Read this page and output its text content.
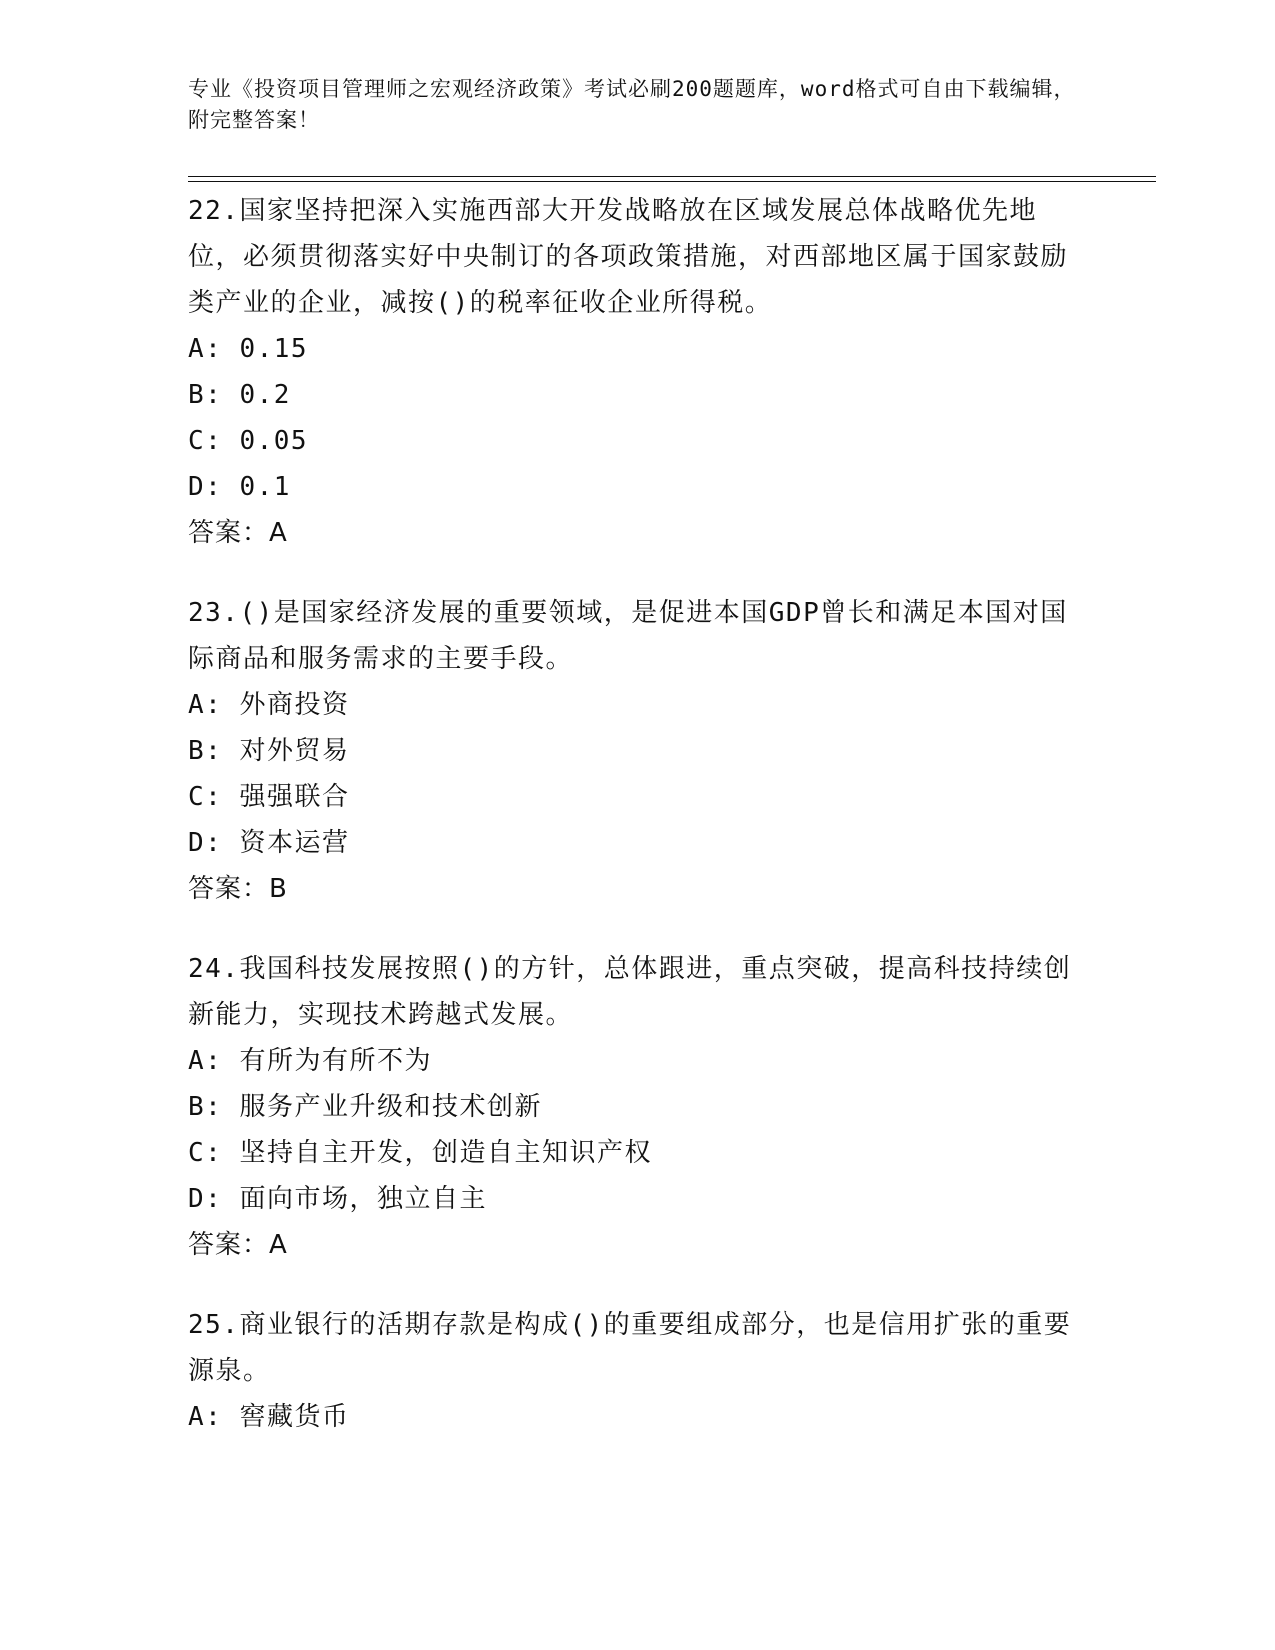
专业《投资项目管理师之宏观经济政策》考试必刷200题题库，word格式可自由下载编辑，附完整答案！

22.国家坚持把深入实施西部大开发战略放在区域发展总体战略优先地位，必须贯彻落实好中央制订的各项政策措施，对西部地区属于国家鼓励类产业的企业，减按()的税率征收企业所得税。

A: 0.15

B: 0.2

C: 0.05

D: 0.1

答案：A

23.()是国家经济发展的重要领域，是促进本国GDP曾长和满足本国对国际商品和服务需求的主要手段。

A: 外商投资

B: 对外贸易

C: 强强联合

D: 资本运营

答案：B

24.我国科技发展按照()的方针，总体跟进，重点突破，提高科技持续创新能力，实现技术跨越式发展。

A: 有所为有所不为

B: 服务产业升级和技术创新

C: 坚持自主开发，创造自主知识产权

D: 面向市场，独立自主

答案：A

25.商业银行的活期存款是构成()的重要组成部分，也是信用扩张的重要源泉。

A: 窖藏货币
